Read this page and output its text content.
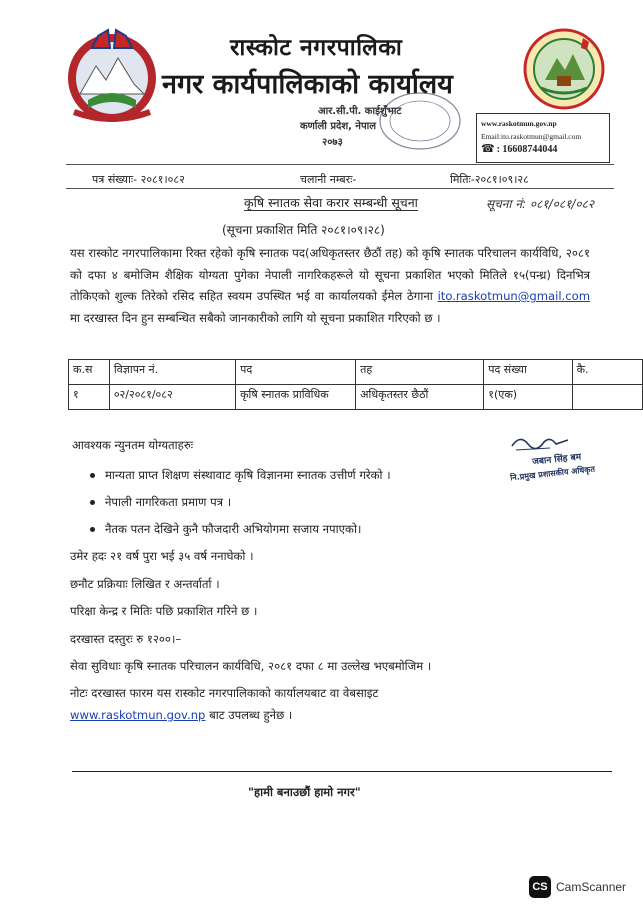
रास्कोट नगरपालिका
नगर कार्यपालिकाको कार्यालय
आर.सी.पी. काईशुँभाट
कर्णाली प्रदेश, नेपाल
२०७३
www.raskotmun.gov.np
Email:ito.raskotmun@gmail.com
☎ : 16608744044
पत्र संख्याः- २०८१।०८२	चलानी नम्बरः-	मितिः-२०८१।०९।२८
कृषि स्नातक सेवा करार सम्बन्धी सूचना	सूचना नं: ०८१/०८१/०८२
(सूचना प्रकाशित मिति २०८१।०९।२८)
यस रास्कोट नगरपालिकामा रिक्त रहेको कृषि स्नातक पद(अधिकृतस्तर छैठौं तह) को कृषि स्नातक परिचालन कार्यविधि, २०८१ को दफा ४ बमोजिम शैक्षिक योग्यता पुगेका नेपाली नागरिकहरूले यो सूचना प्रकाशित भएको मितिले १५(पन्ध्र) दिनभित्र तोकिएको शुल्क तिरेको रसिद सहित स्वयम उपस्थित भई वा कार्यालयको ईमेल ठेगाना ito.raskotmun@gmail.com मा दरखास्त दिन हुन सम्बन्धित सबैको जानकारीको लागि यो सूचना प्रकाशित गरिएको छ ।
क.स	विज्ञापन नं.	पद	तह	पद संख्या	कै.
१	०२/२०८१/०८२	कृषि स्नातक प्राविधिक	अधिकृतस्तर छैठौं	१(एक)	
जबान सिंह बम
नि.प्रमुख प्रशासकीय अधिकृत
आवश्यक न्युनतम योग्यताहरुः
मान्यता प्राप्त शिक्षण संस्थावाट कृषि विज्ञानमा स्नातक उत्तीर्ण गरेको ।
नेपाली नागरिकता प्रमाण पत्र ।
नैतक पतन देखिने कुनै फौजदारी अभियोगमा सजाय नपाएको।
उमेर हदः २१ वर्ष पुरा भई ३५ वर्ष ननाघेको ।
छनौट प्रक्रियाः लिखित र अन्तर्वार्ता ।
परिक्षा केन्द्र र मितिः पछि प्रकाशित गरिने छ ।
दरखास्त दस्तुरः रु १२००।–
सेवा सुविधाः कृषि स्नातक परिचालन कार्यविधि, २०८१ दफा ८ मा उल्लेख भएबमोजिम ।
नोटः दरखास्त फारम यस रास्कोट नगरपालिकाको कार्यालयबाट वा वेबसाइट
www.raskotmun.gov.np बाट उपलब्ध हुनेछ ।
"हामी बनाउछौं हामो नगर"
CS CamScanner
